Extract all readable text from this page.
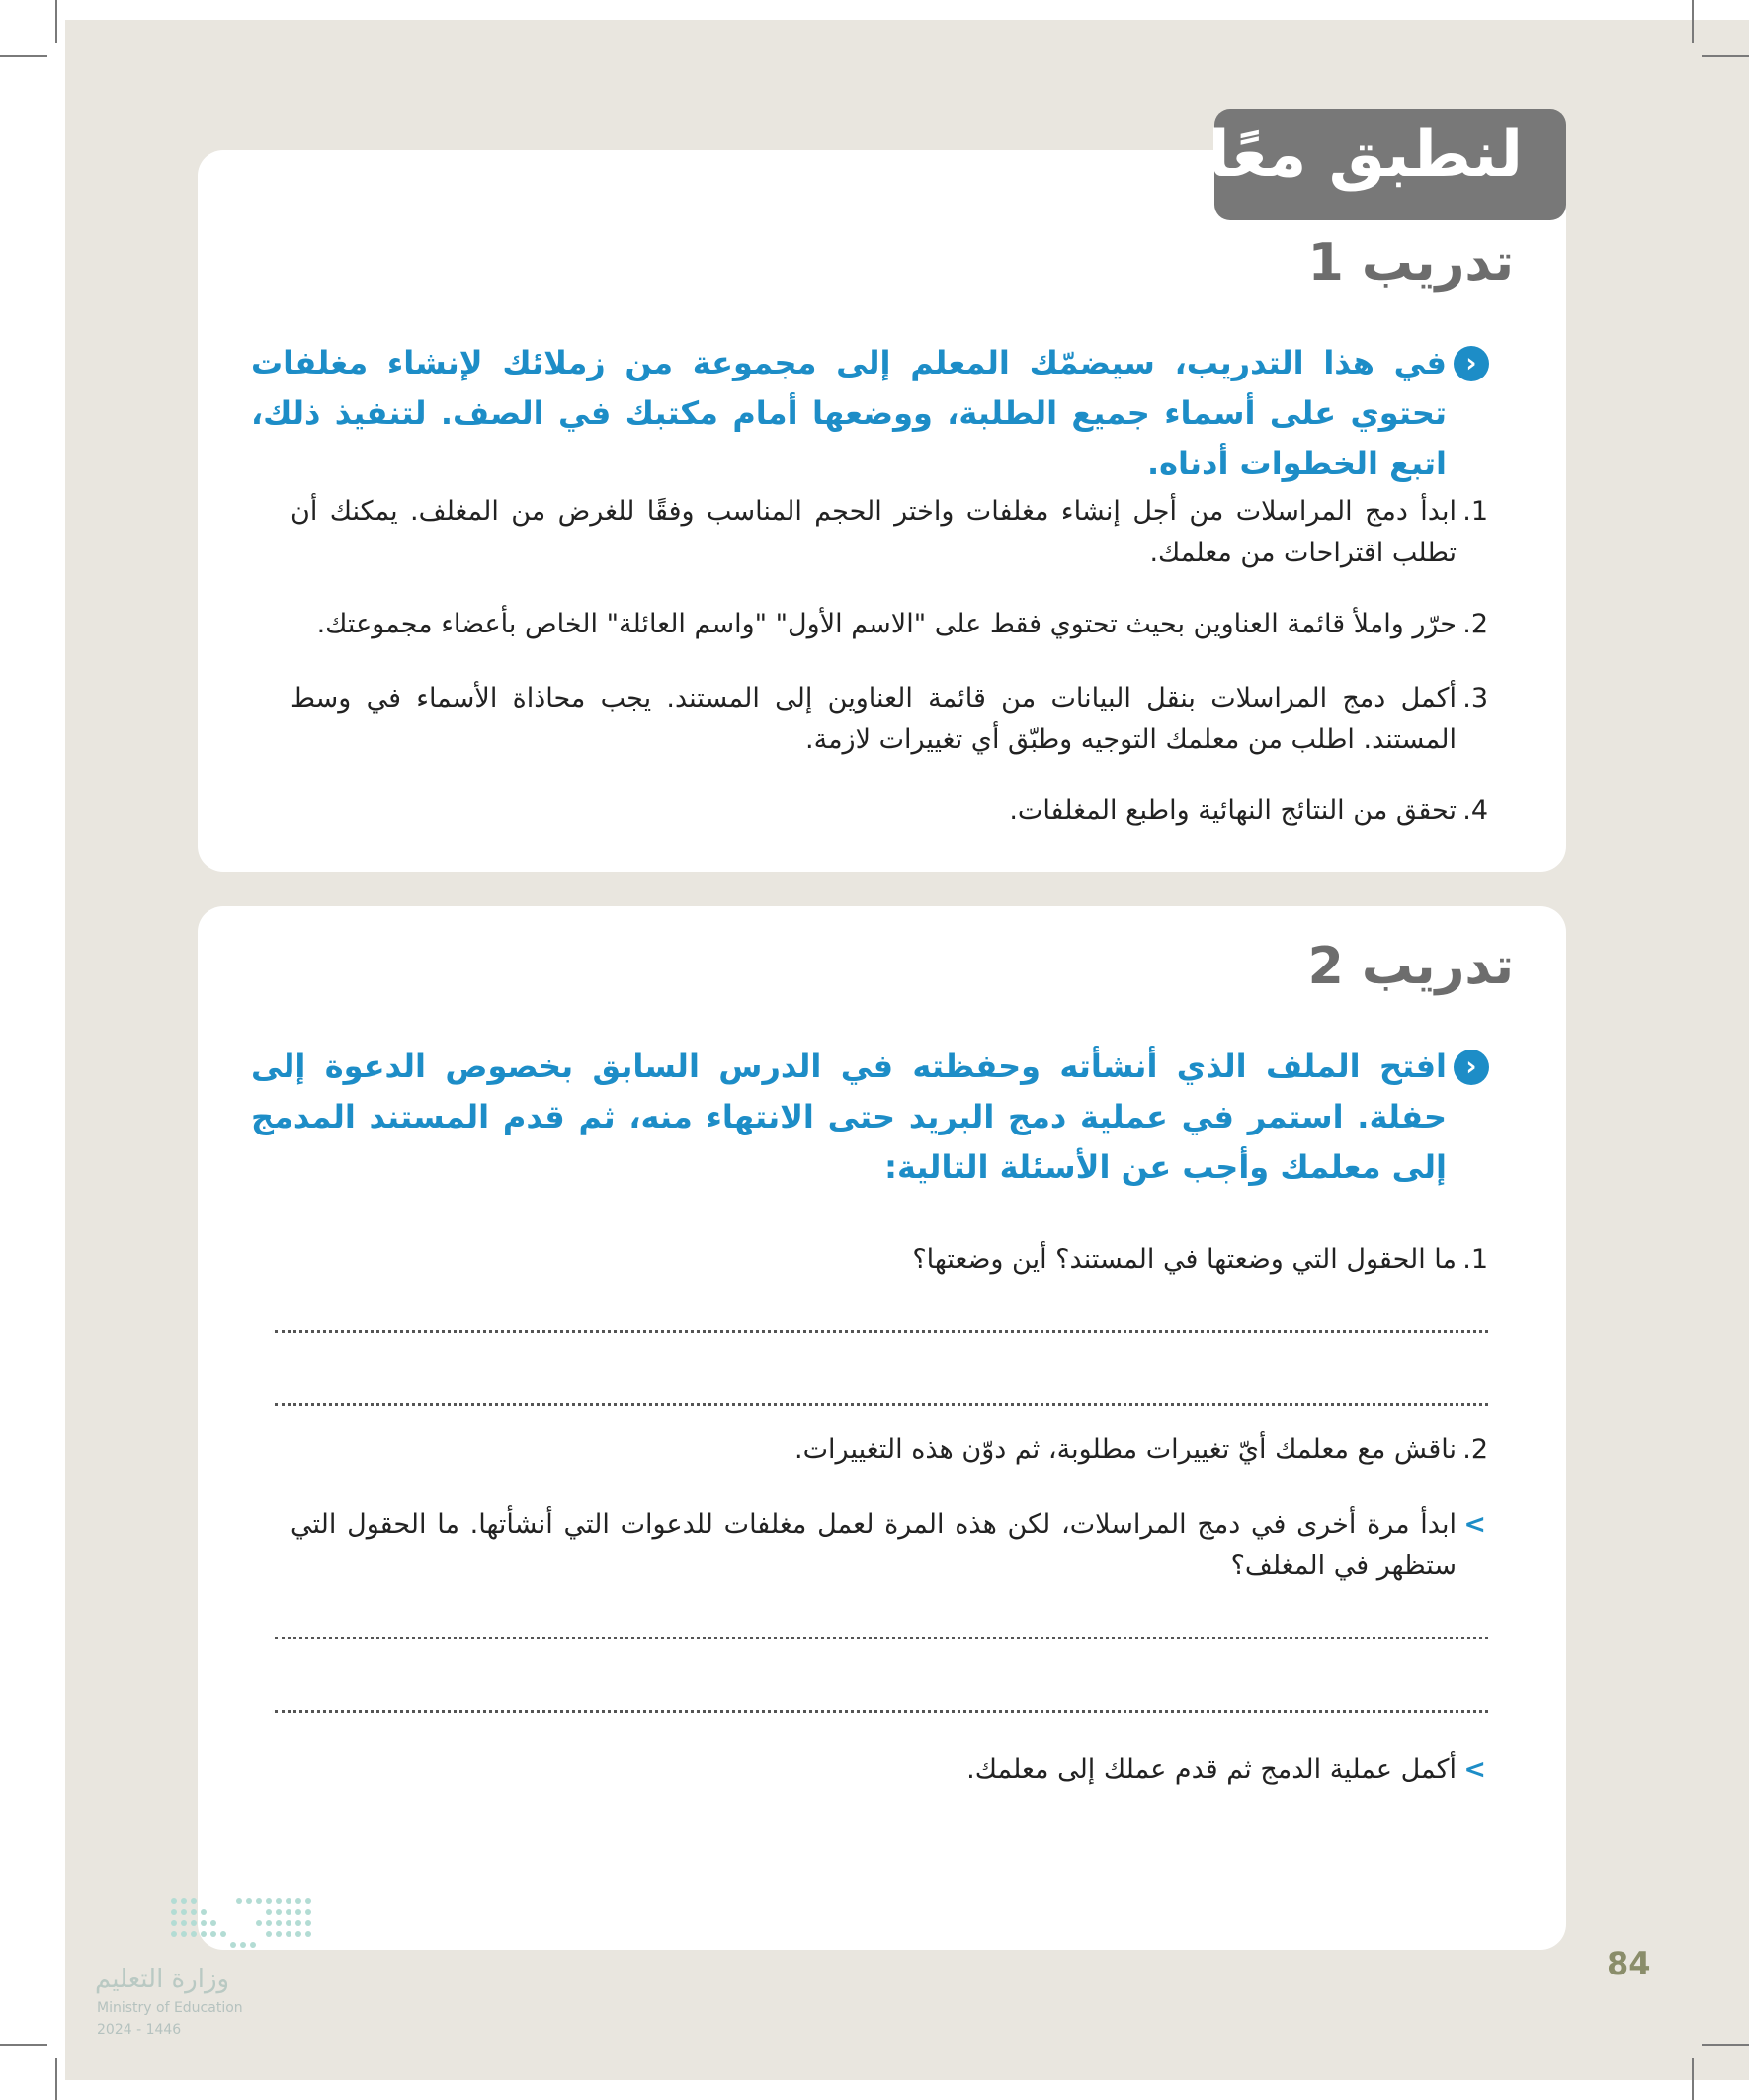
لنطبق معًا
تدريب 1
›
في هذا التدريب، سيضمّك المعلم إلى مجموعة من زملائك لإنشاء مغلفات تحتوي على أسماء جميع الطلبة، ووضعها أمام مكتبك في الصف. لتنفيذ ذلك، اتبع الخطوات أدناه.
1.
ابدأ دمج المراسلات من أجل إنشاء مغلفات واختر الحجم المناسب وفقًا للغرض من المغلف. يمكنك أن تطلب اقتراحات من معلمك.
2.
حرّر واملأ قائمة العناوين بحيث تحتوي فقط على "الاسم الأول" "واسم العائلة" الخاص بأعضاء مجموعتك.
3.
أكمل دمج المراسلات بنقل البيانات من قائمة العناوين إلى المستند. يجب محاذاة الأسماء في وسط المستند. اطلب من معلمك التوجيه وطبّق أي تغييرات لازمة.
4.
تحقق من النتائج النهائية واطبع المغلفات.
تدريب 2
›
افتح الملف الذي أنشأته وحفظته في الدرس السابق بخصوص الدعوة إلى حفلة. استمر في عملية دمج البريد حتى الانتهاء منه، ثم قدم المستند المدمج إلى معلمك وأجب عن الأسئلة التالية:
1.
ما الحقول التي وضعتها في المستند؟ أين وضعتها؟
2.
ناقش مع معلمك أيّ تغييرات مطلوبة، ثم دوّن هذه التغييرات.
>
ابدأ مرة أخرى في دمج المراسلات، لكن هذه المرة لعمل مغلفات للدعوات التي أنشأتها. ما الحقول التي ستظهر في المغلف؟
>
أكمل عملية الدمج ثم قدم عملك إلى معلمك.
وزارة التعليم
Ministry of Education
2024 - 1446
84
